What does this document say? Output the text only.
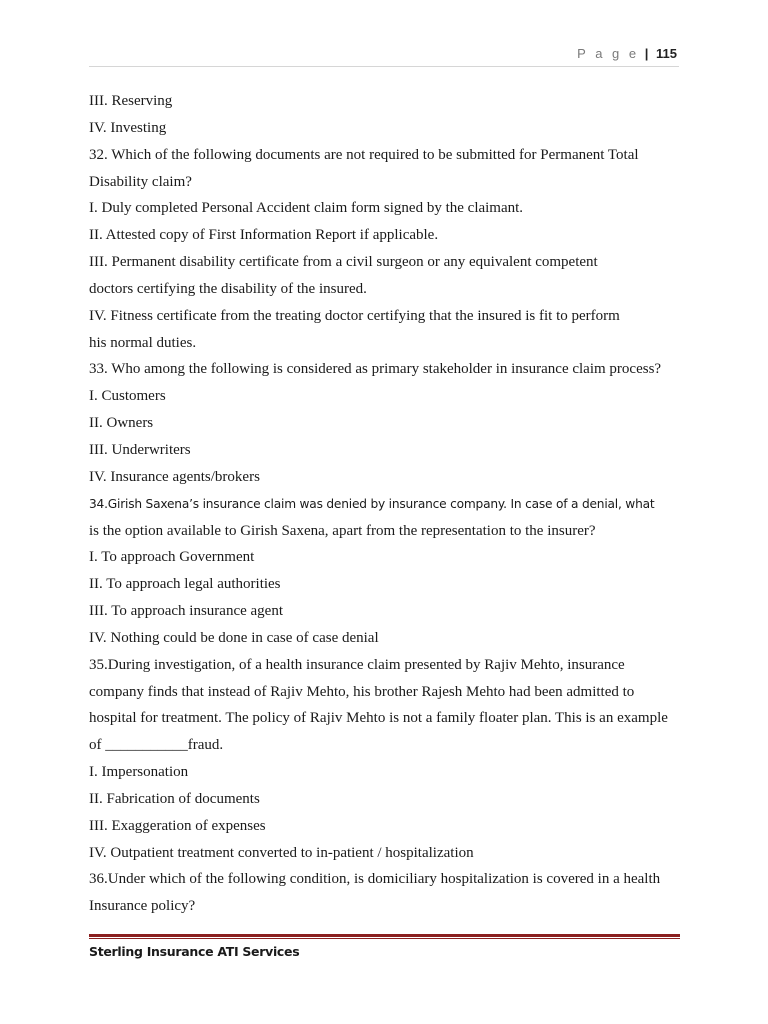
P a g e | 115
III. Reserving
IV. Investing
32. Which of the following documents are not required to be submitted for Permanent Total
Disability claim?
I. Duly completed Personal Accident claim form signed by the claimant.
II. Attested copy of First Information Report if applicable.
III. Permanent disability certificate from a civil surgeon or any equivalent competent
doctors certifying the disability of the insured.
IV. Fitness certificate from the treating doctor certifying that the insured is fit to perform
his normal duties.
33. Who among the following is considered as primary stakeholder in insurance claim process?
I. Customers
II. Owners
III. Underwriters
IV. Insurance agents/brokers
34.Girish Saxena’s insurance claim was denied by insurance company. In case of a denial, what
is the option available to Girish Saxena, apart from the representation to the insurer?
I. To approach Government
II. To approach legal authorities
III. To approach insurance agent
IV. Nothing could be done in case of case denial
35.During investigation, of a health insurance claim presented by Rajiv Mehto, insurance
company finds that instead of Rajiv Mehto, his brother Rajesh Mehto had been admitted to
hospital for treatment. The policy of Rajiv Mehto is not a family floater plan. This is an example
of ___________fraud.
I. Impersonation
II. Fabrication of documents
III. Exaggeration of expenses
IV. Outpatient treatment converted to in-patient / hospitalization
36.Under which of the following condition, is domiciliary hospitalization is covered in a health
Insurance policy?
Sterling Insurance ATI Services
